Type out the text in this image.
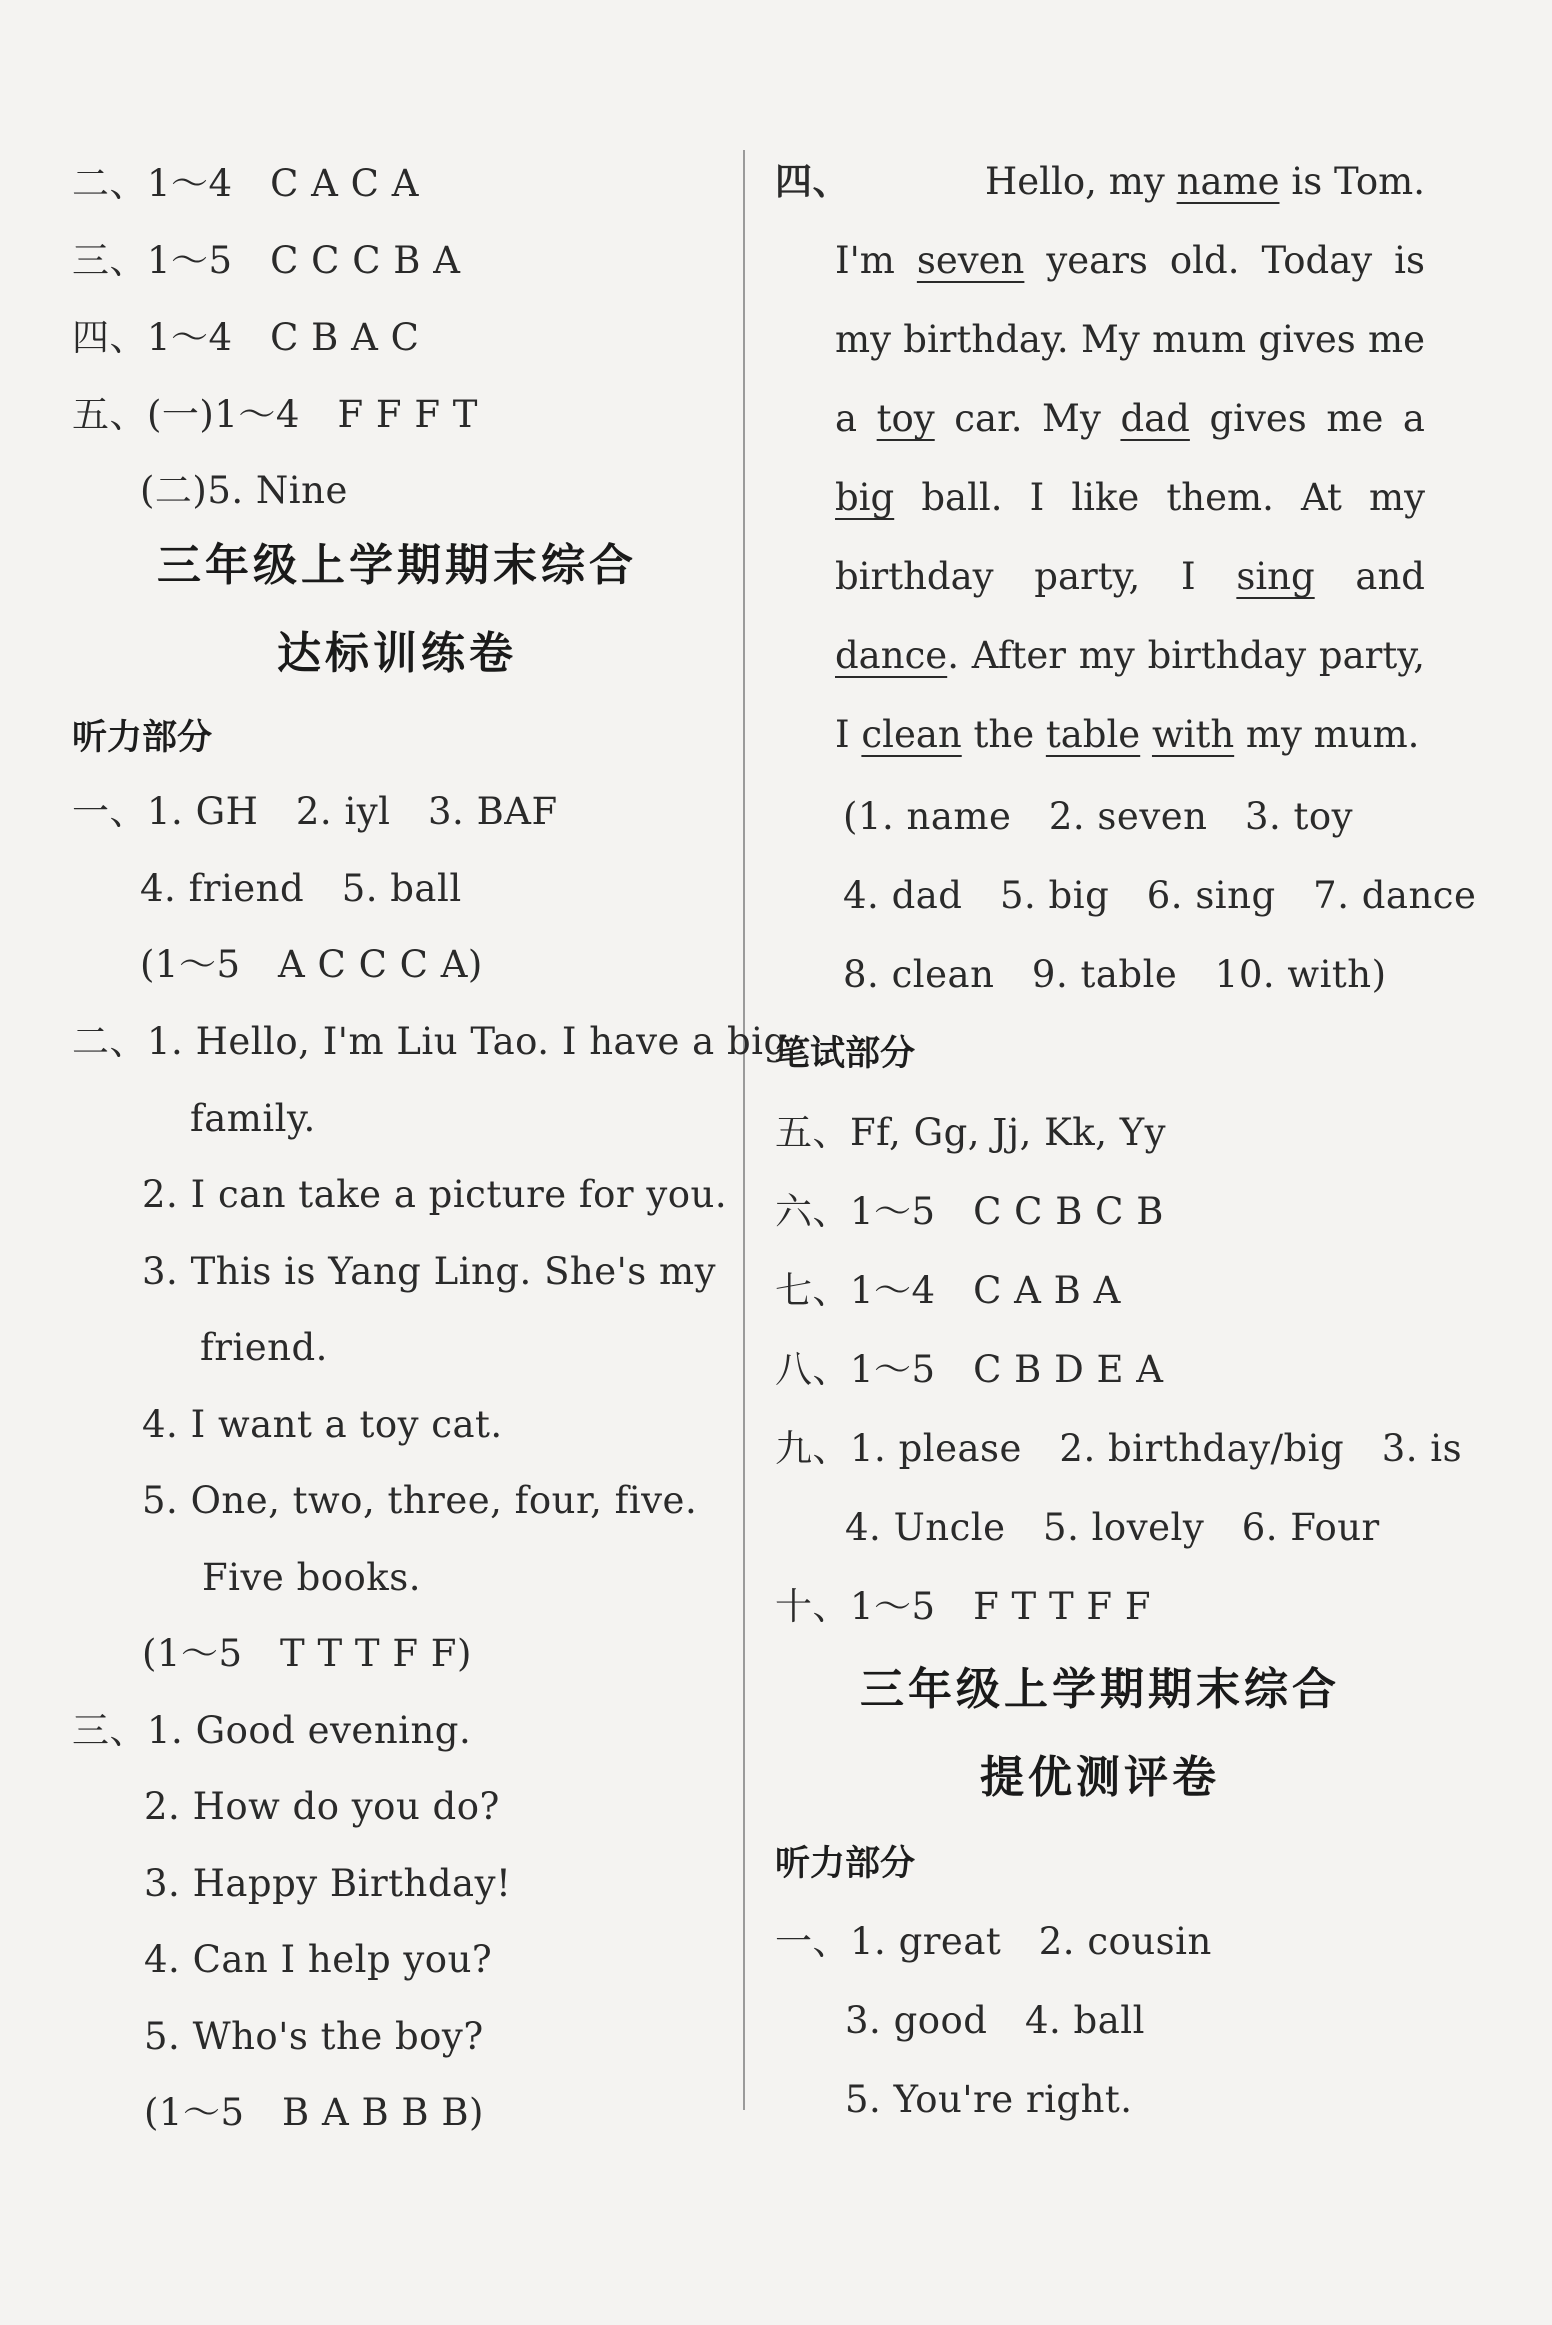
二、1～4　C A C A
三、1～5　C C C B A
四、1～4　C B A C
五、(一)1～4　F F F T
(二)5. Nine
三年级上学期期末综合
达标训练卷
听力部分
一、1. GH　2. iyl　3. BAF
4. friend　5. ball
(1～5　A C C C A)
二、1. Hello, I'm Liu Tao. I have a big
family.
2. I can take a picture for you.
3. This is Yang Ling. She's my
friend.
4. I want a toy cat.
5. One, two, three, four, five.
Five books.
(1～5　T T T F F)
三、1. Good evening.
2. How do you do?
3. Happy Birthday!
4. Can I help you?
5. Who's the boy?
(1～5　B A B B B)
四、	Hello, my name is Tom. I'm seven years old. Today is my birthday. My mum gives me a toy car. My dad gives me a big ball. I like them. At my birthday party, I sing and dance. After my birthday party, I clean the table with my mum.
(1. name　2. seven　3. toy
4. dad　5. big　6. sing　7. dance
8. clean　9. table　10. with)
笔试部分
五、Ff, Gg, Jj, Kk, Yy
六、1～5　C C B C B
七、1～4　C A B A
八、1～5　C B D E A
九、1. please　2. birthday/big　3. is
4. Uncle　5. lovely　6. Four
十、1～5　F T T F F
三年级上学期期末综合
提优测评卷
听力部分
一、1. great　2. cousin
3. good　4. ball
5. You're right.
